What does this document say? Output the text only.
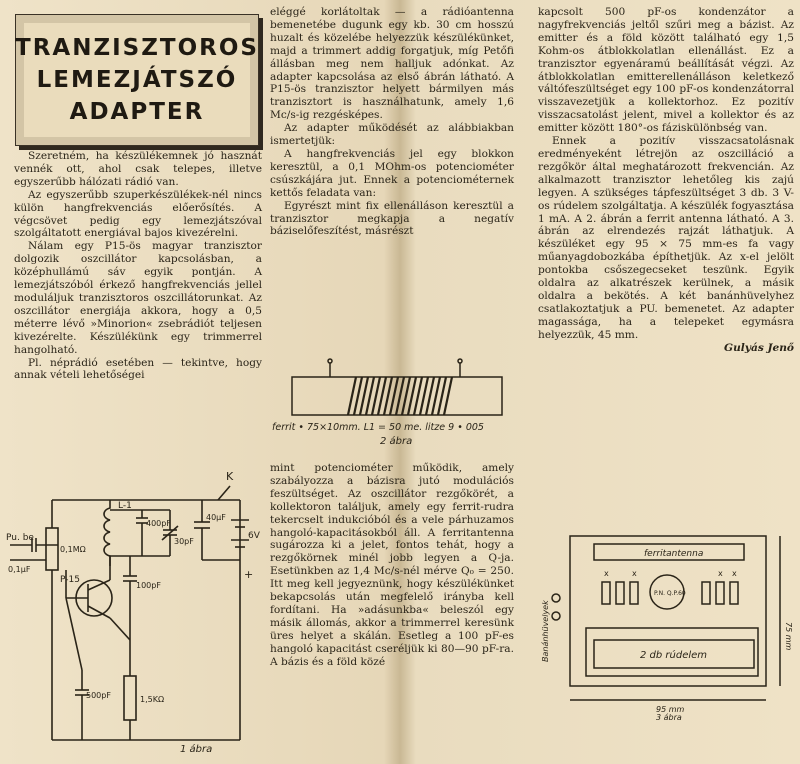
TRANZISZTOROS
LEMEZJÁTSZÓ
ADAPTER

Szeretném, ha készülékemnek jó hasznát vennék ott, ahol csak telepes, illetve egyszerűbb hálózati rádió van.

Az egyszerűbb szuperkészülékek-nél nincs külön hangfrekvenciás előerősítés. A végcsövet pedig egy lemezjátszóval szolgáltatott energiával bajos kivezérelni.

Nálam egy P15-ös magyar tranzisztor dolgozik oszcillátor kapcsolásban, a középhullámú sáv egyik pontján. A lemezjátszóból érkező hangfrekvenciás jellel moduláljuk tranzisztoros oszcillátorunkat. Az oszcillátor energiája akkora, hogy a 0,5 méterre lévő »Minorion« zsebrádiót teljesen kivezérelte. Készülékünk egy trimmerrel hangolható.

Pl. néprádió esetében — tekintve, hogy annak vételi lehetőségei

K
L-1
400pF
30pF
40µF
6V
Pu. be
0,1µF
0,1MΩ
P-15
100pF
500pF	1,5KΩ
+
1 ábra

eléggé korlátoltak — a rádióantenna bemenetébe dugunk egy kb. 30 cm hosszú huzalt és közelébe helyezzük készülékünket, majd a trimmert addig forgatjuk, míg Petőfi állásban meg nem halljuk adónkat. Az adapter kapcsolása az első ábrán látható. A P15-ös tranzisztor helyett bármilyen más tranzisztort is használhatunk, amely 1,6 Mc/s-ig rezgésképes.

Az adapter működését az alábbiakban ismertetjük:

A hangfrekvenciás jel egy blokkon keresztül, a 0,1 MOhm-os potenciométer csúszkájára jut. Ennek a potenciométernek kettős feladata van:

Egyrészt mint fix ellenálláson keresztül a tranzisztor megkapja a negatív báziselőfeszítést, másrészt

ferrit • 75×10mm. L1 = 50 me. litze 9 • 005
2 ábra

mint potenciométer működik, amely szabályozza a bázisra jutó modulációs feszültséget. Az oszcillátor rezgőkörét, a kollektoron találjuk, amely egy ferrit-rudra tekercselt indukcióból és a vele párhuzamos hangoló-kapacitásokból áll. A ferritantenna sugározza ki a jelet, fontos tehát, hogy a rezgőkörnek minél jobb legyen a Q-ja. Esetünkben az 1,4 Mc/s-nél mérve Q₀ = 250. Itt meg kell jegyeznünk, hogy készülékünket bekapcsolás után megfelelő irányba kell fordítani. Ha »adásunkba« beleszól egy másik állomás, akkor a trimmerrel keresünk üres helyet a skálán. Esetleg a 100 pF-es hangoló kapacitást cseréljük ki 80—90 pF-ra. A bázis és a föld közé

kapcsolt 500 pF-os kondenzátor a nagyfrekvenciás jeltől szűri meg a bázist. Az emitter és a föld között található egy 1,5 Kohm-os átblokkolatlan ellenállást. Ez a tranzisztor egyenáramú beállítását végzi. Az átblokkolatlan emitterellenálláson keletkező váltófeszültséget egy 100 pF-os kondenzátorral visszavezetjük a kollektorhoz. Ez pozitív visszacsatolást jelent, mivel a kollektor és az emitter között 180°-os fáziskülönbség van.

Ennek a pozitív visszacsatolásnak eredményeként létrejön az oszcilláció a rezgőkör által meghatározott frekvencián. Az alkalmazott tranzisztor lehetőleg kis zajú legyen. A szükséges tápfeszültséget 3 db. 3 V-os rúdelem szolgáltatja. A készülék fogyasztása 1 mA. A 2. ábrán a ferrit antenna látható. A 3. ábrán az elrendezés rajzát láthatjuk. A készüléket egy 95 × 75 mm-es fa vagy műanyagdobozkába építhetjük. Az x-el jelölt pontokba csőszegecseket teszünk. Egyik oldalra az alkatrészek kerülnek, a másik oldalra a bekötés. A két banánhüvelyhez csatlakoztatjuk a PU. bemenetet. Az adapter magassága, ha a telepeket egymásra helyezzük, 45 mm.

Gulyás Jenő

ferritantenna
P.N. Q.P.60
2 db rúdelem
95 mm
3 ábra
75 mm
Banánhüvelyek
x	x	x x
